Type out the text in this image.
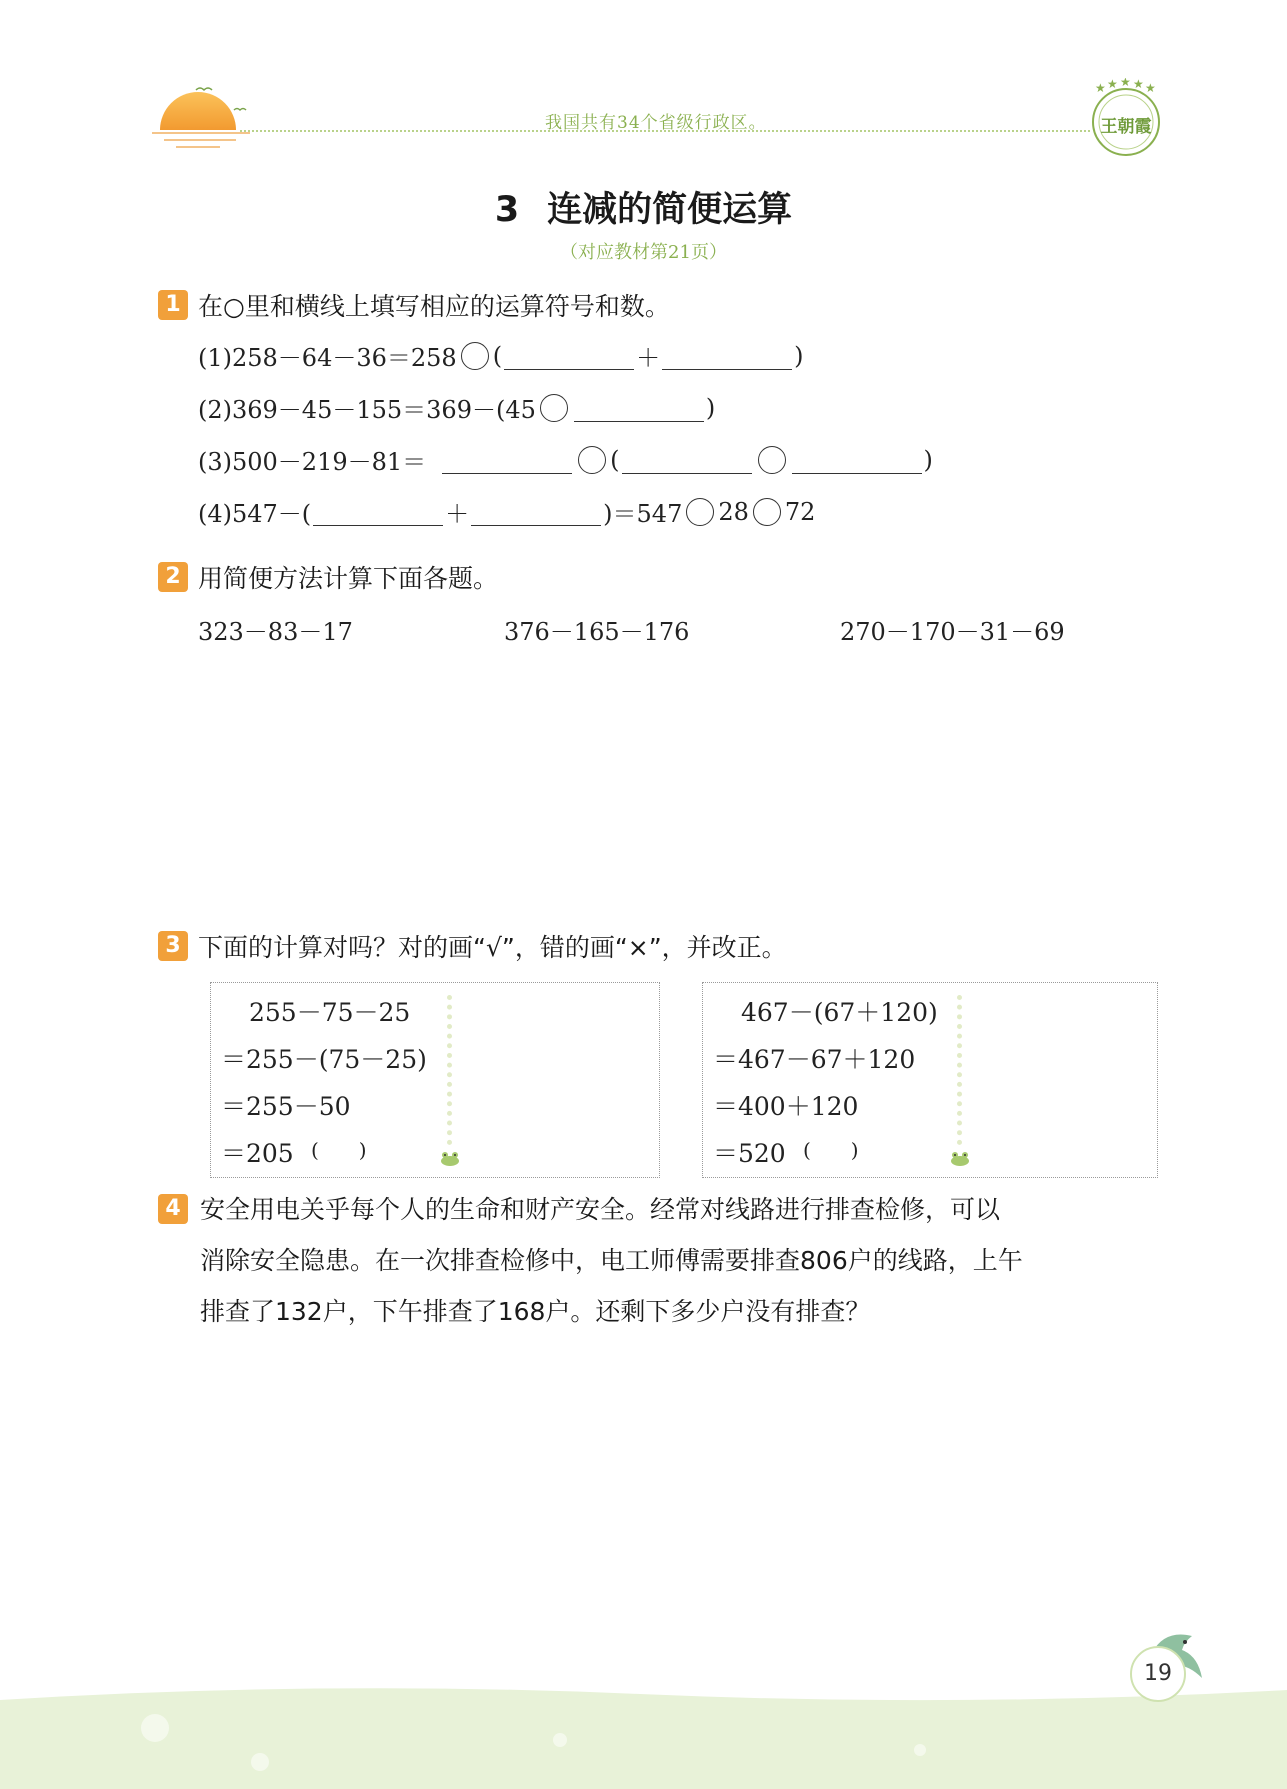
我国共有34个省级行政区。
★ ★ ★ ★ ★
王朝霞
3 连减的简便运算
（对应教材第21页）
1 在○里和横线上填写相应的运算符号和数。
(1)258－64－36＝258 (	＋	)
(2)369－45－155＝369－(45	)
(3)500－219－81＝	(	)
(4)547－(	＋	)＝547 28 72
2 用简便方法计算下面各题。
323－83－17	376－165－176	270－170－31－69
3 下面的计算对吗？对的画“√”，错的画“×”，并改正。
255－75－25
＝255－(75－25)
＝255－50
＝205 (　　)
467－(67＋120)
＝467－67＋120
＝400＋120
＝520 (　　)
4 安全用电关乎每个人的生命和财产安全。经常对线路进行排查检修，可以
消除安全隐患。在一次排查检修中，电工师傅需要排查806户的线路，上午
排查了132户，下午排查了168户。还剩下多少户没有排查？
19
